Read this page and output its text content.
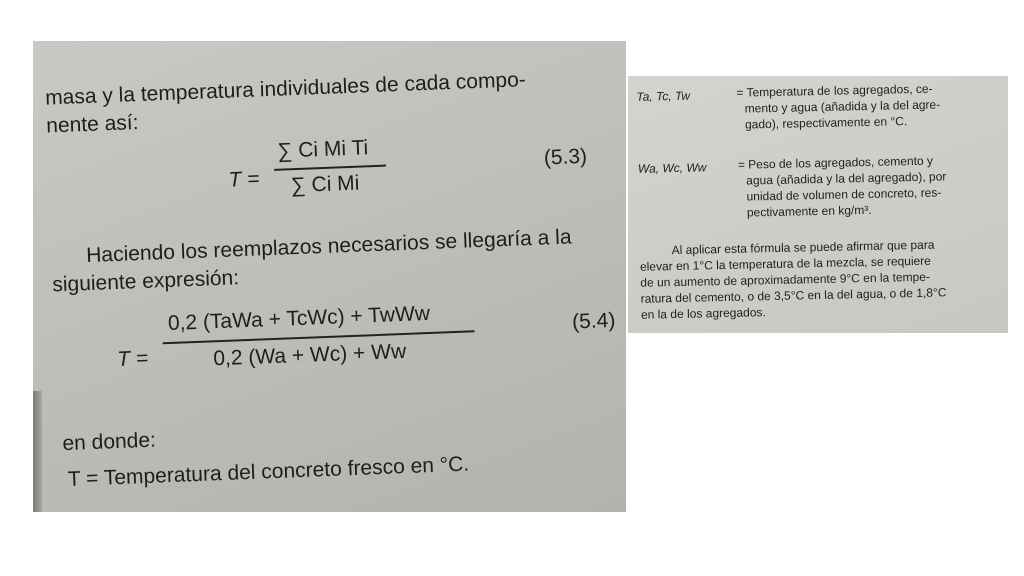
masa y la temperatura individuales de cada compo-
nente así:
T =
∑ Ci Mi Ti
∑ Ci Mi
(5.3)
Haciendo los reemplazos necesarios se llegaría a la
siguiente expresión:
T =
0,2 (TaWa + TcWc) + TwWw
0,2 (Wa + Wc) + Ww
(5.4)
en donde:
T = Temperatura del concreto fresco en °C.
Ta, Tc, Tw	= Temperatura de los agregados, ce-
mento y agua (añadida y la del agre-
gado), respectivamente en °C.
Wa, Wc, Ww	= Peso de los agregados, cemento y
agua (añadida y la del agregado), por
unidad de volumen de concreto, res-
pectivamente en kg/m³.
Al aplicar esta fórmula se puede afirmar que para
elevar en 1°C la temperatura de la mezcla, se requiere
de un aumento de aproximadamente 9°C en la tempe-
ratura del cemento, o de 3,5°C en la del agua, o de 1,8°C
en la de los agregados.
